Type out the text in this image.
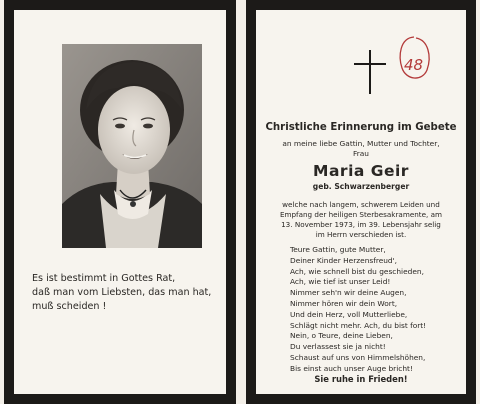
Es ist bestimmt in Gottes Rat,
daß man vom Liebsten, das man hat,
muß scheiden !
48
Christliche Erinnerung im Gebete
an meine liebe Gattin, Mutter und Tochter,
Frau
Maria Geir
geb. Schwarzenberger
welche nach langem, schwerem Leiden und
Empfang der heiligen Sterbesakramente, am
13. November 1973, im 39. Lebensjahr selig
im Herrn verschieden ist.
Teure Gattin, gute Mutter,
Deiner Kinder Herzensfreud',
Ach, wie schnell bist du geschieden,
Ach, wie tief ist unser Leid!
Nimmer seh'n wir deine Augen,
Nimmer hören wir dein Wort,
Und dein Herz, voll Mutterliebe,
Schlägt nicht mehr. Ach, du bist fort!
Nein, o Teure, deine Lieben,
Du verlassest sie ja nicht!
Schaust auf uns von Himmelshöhen,
Bis einst auch unser Auge bricht!
Sie ruhe in Frieden!
